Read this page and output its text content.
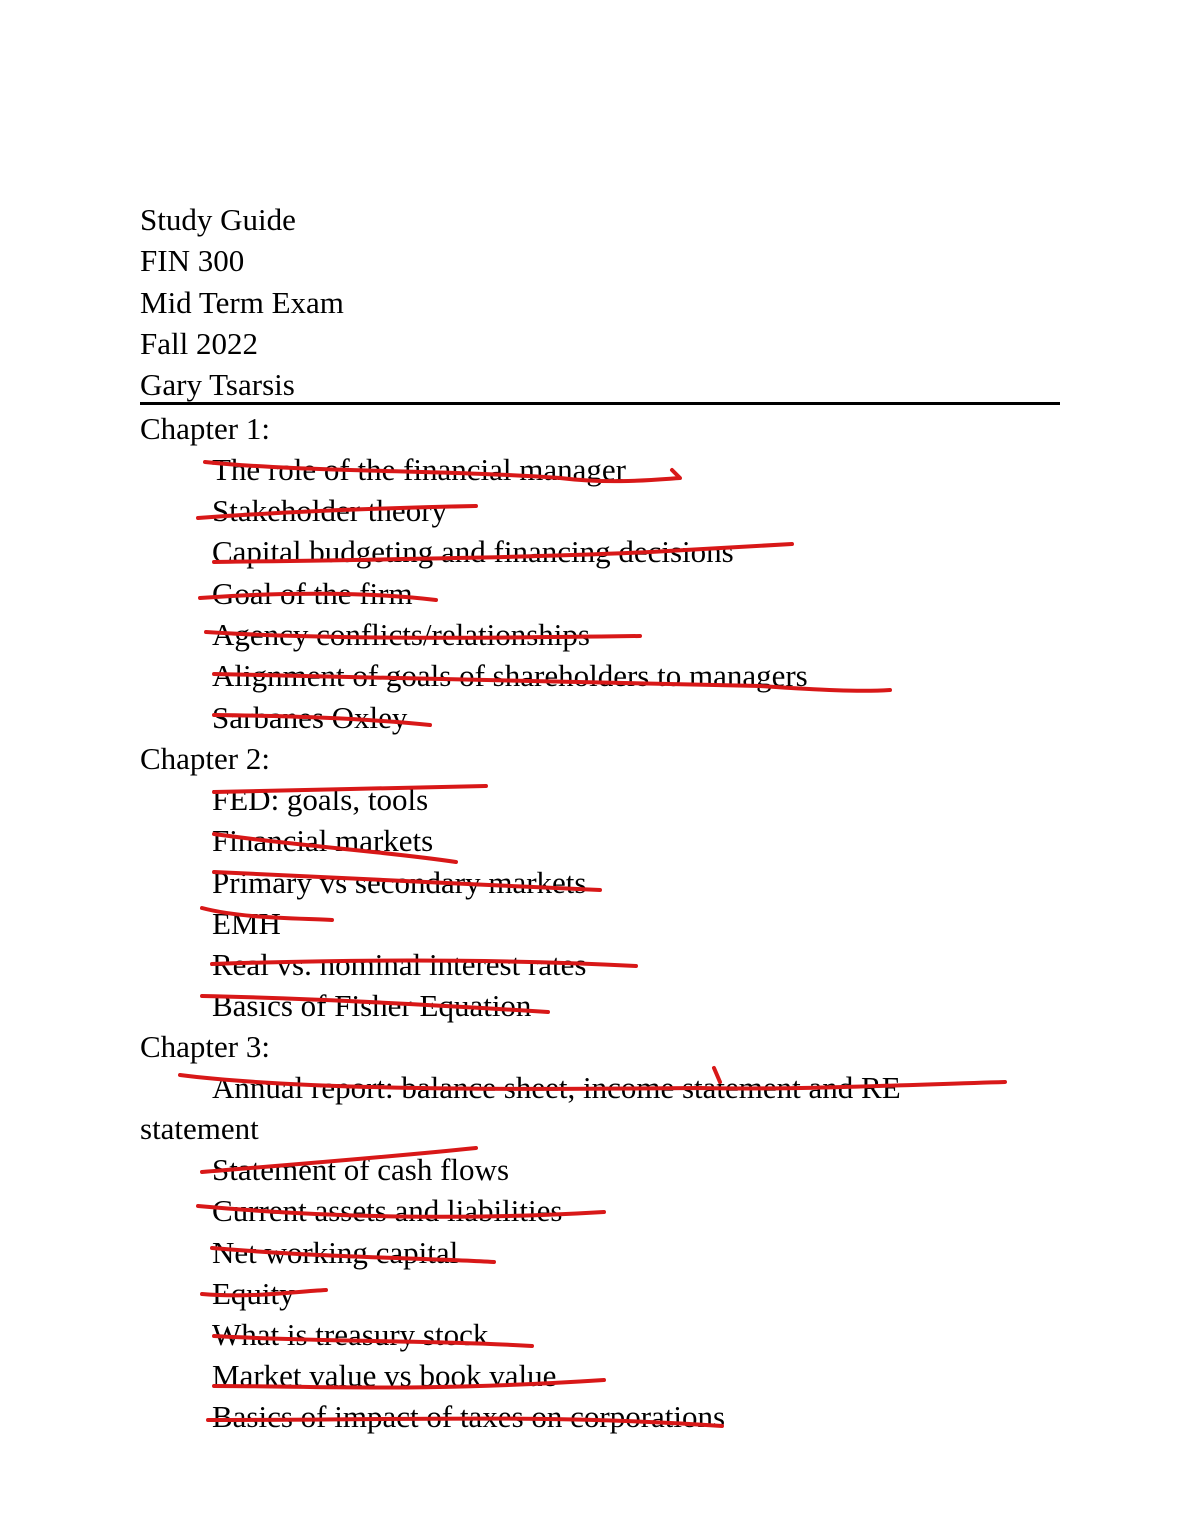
Study Guide

FIN 300

Mid Term Exam

Fall 2022

Gary Tsarsis

Chapter 1:

The role of the financial manager

Stakeholder theory

Capital budgeting and financing decisions

Goal of the firm

Agency conflicts/relationships

Alignment of goals of shareholders to managers

Sarbanes Oxley

Chapter 2:

FED: goals, tools

Financial markets

Primary vs secondary markets

EMH

Real vs. nominal interest rates

Basics of Fisher Equation

Chapter 3:

Annual report: balance sheet, income statement and RE

statement

Statement of cash flows

Current assets and liabilities

Net working capital

Equity

What is treasury stock

Market value vs book value

Basics of impact of taxes on corporations
